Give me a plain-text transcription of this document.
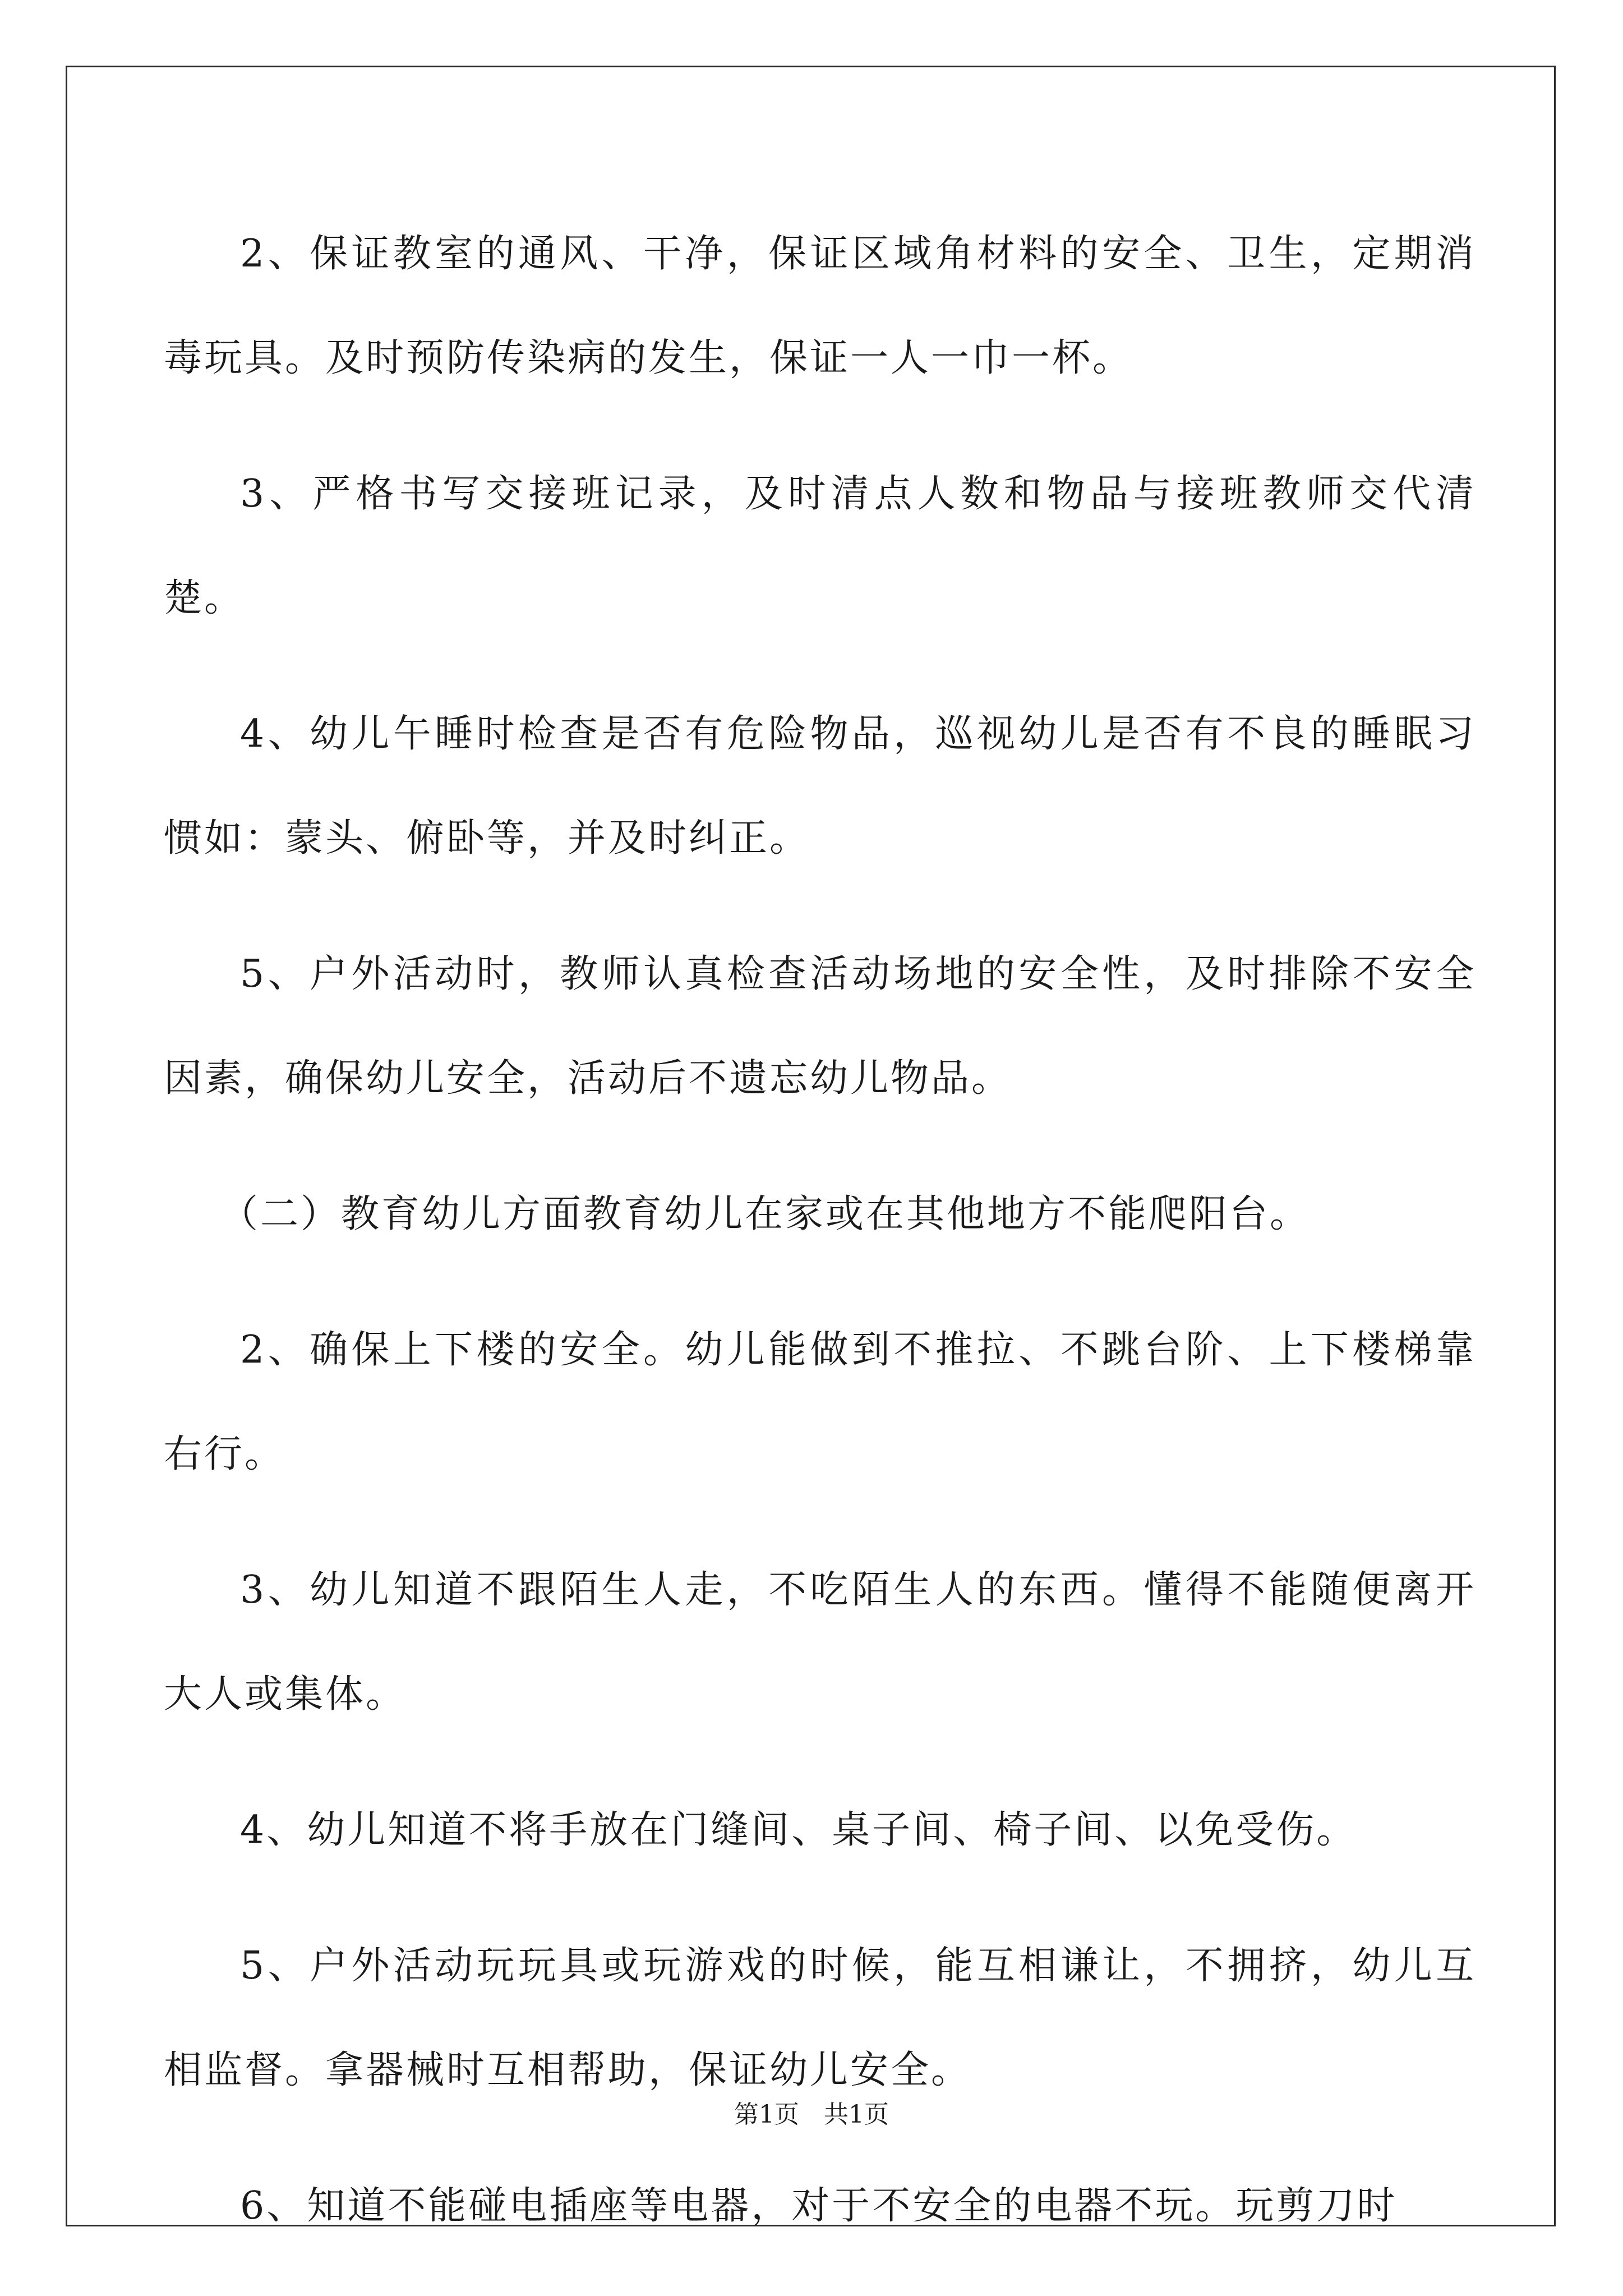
2、保证教室的通风、干净，保证区域角材料的安全、卫生，定期消毒玩具。及时预防传染病的发生，保证一人一巾一杯。

3、严格书写交接班记录，及时清点人数和物品与接班教师交代清楚。

4、幼儿午睡时检查是否有危险物品，巡视幼儿是否有不良的睡眠习惯如：蒙头、俯卧等，并及时纠正。

5、户外活动时，教师认真检查活动场地的安全性，及时排除不安全因素，确保幼儿安全，活动后不遗忘幼儿物品。

（二）教育幼儿方面教育幼儿在家或在其他地方不能爬阳台。

2、确保上下楼的安全。幼儿能做到不推拉、不跳台阶、上下楼梯靠右行。

3、幼儿知道不跟陌生人走，不吃陌生人的东西。懂得不能随便离开大人或集体。

4、幼儿知道不将手放在门缝间、桌子间、椅子间、以免受伤。

5、户外活动玩玩具或玩游戏的时候，能互相谦让，不拥挤，幼儿互相监督。拿器械时互相帮助，保证幼儿安全。

6、知道不能碰电插座等电器，对于不安全的电器不玩。玩剪刀时

第1页 共1页
